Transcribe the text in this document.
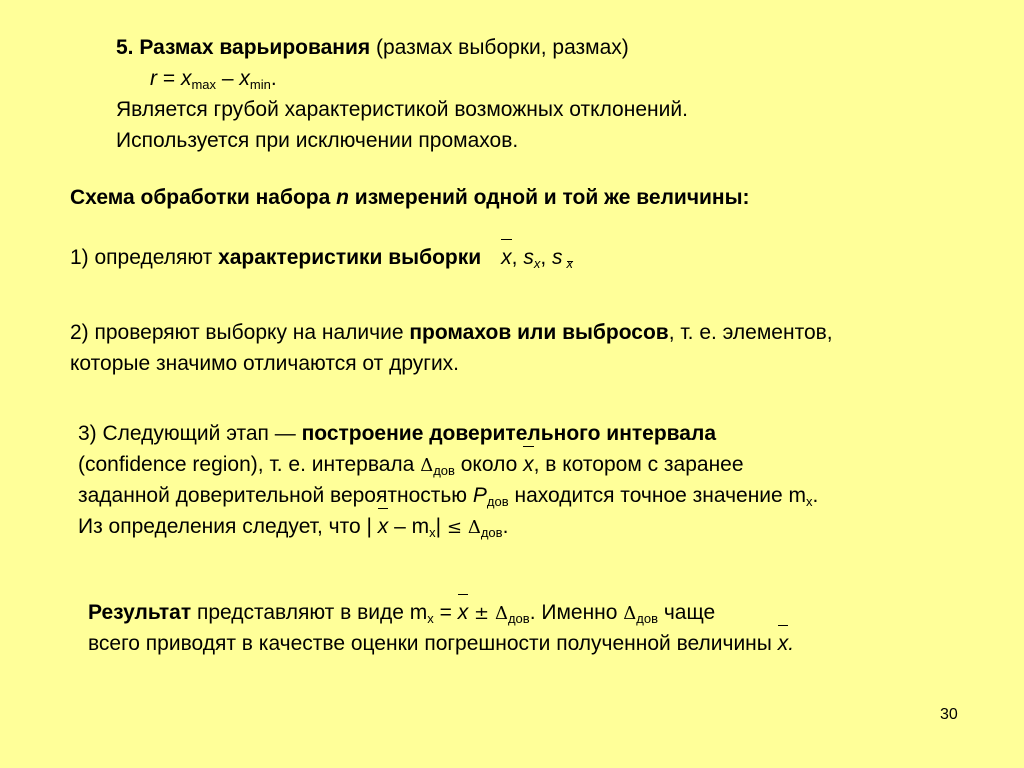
5. Размах варьирования (размах выборки, размах)
$r = x_{max} - x_{min}$.
Является грубой характеристикой возможных отклонений.
Используется при исключении промахов.
Схема обработки набора n измерений одной и той же величины:
1) определяют характеристики выборки x, $s_x$, s $_x$
2) проверяют выборку на наличие промахов или выбросов, т. е. элементов,
которые значимо отличаются от других.
3) Следующий этап — построение доверительного интервала
(confidence region), т. е. интервала $\Delta_{дов}$ около x, в котором с заранее
заданной доверительной вероятностью $P_{дов}$ находится точное значение $m_x$.
Из определения следует, что | $x - m_x| \le \Delta_{дов}$.
Результат представляют в виде $m_x = x \pm \Delta_{дов}$. Именно $\Delta_{дов}$ чаще
всего приводят в качестве оценки погрешности полученной величины x.
30
